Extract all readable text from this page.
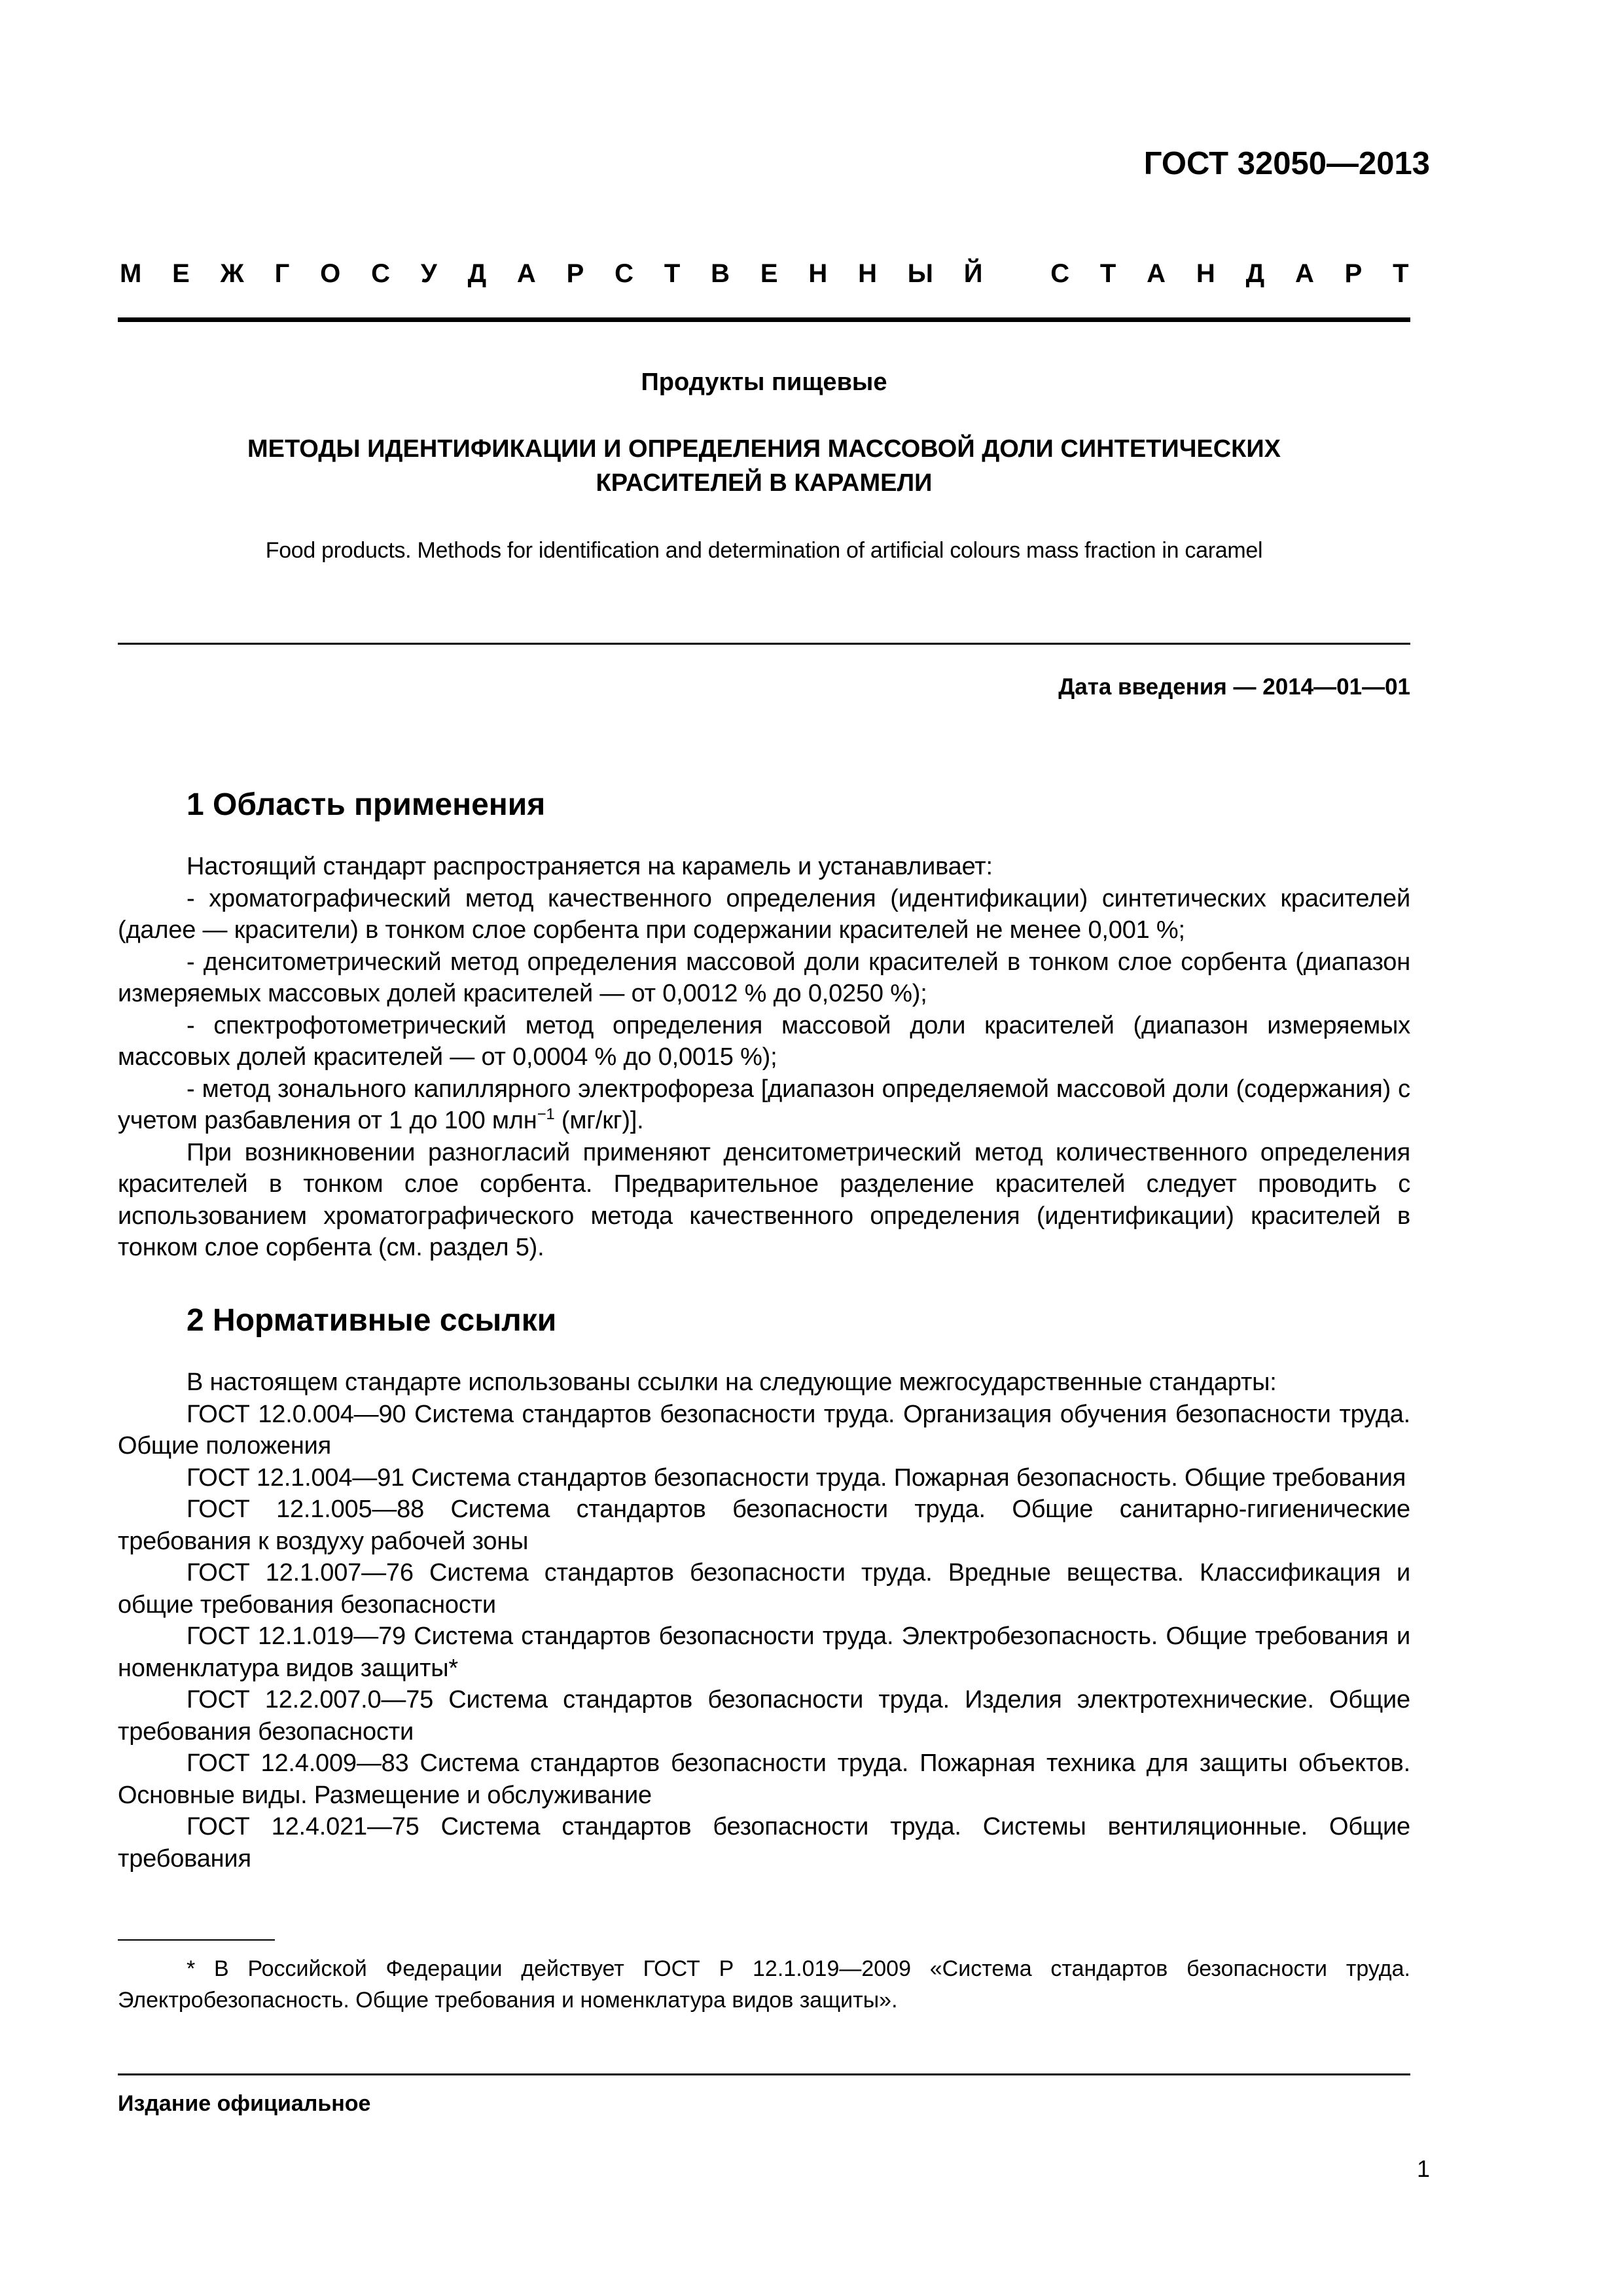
ГОСТ 32050—2013
М Е Ж Г О С У Д А Р С Т В Е Н Н Ы Й	С Т А Н Д А Р Т
Продукты пищевые
МЕТОДЫ ИДЕНТИФИКАЦИИ И ОПРЕДЕЛЕНИЯ МАССОВОЙ ДОЛИ СИНТЕТИЧЕСКИХ
КРАСИТЕЛЕЙ В КАРАМЕЛИ
Food products. Methods for identification and determination of artificial colours mass fraction in caramel
Дата введения — 2014—01—01
1 Область применения

Настоящий стандарт распространяется на карамель и устанавливает:

- хроматографический метод качественного определения (идентификации) синтетических красителей (далее — красители) в тонком слое сорбента при содержании красителей не менее 0,001 %;

- денситометрический метод определения массовой доли красителей в тонком слое сорбента (диапазон измеряемых массовых долей красителей — от 0,0012 % до 0,0250 %);

- спектрофотометрический метод определения массовой доли красителей (диапазон измеряемых массовых долей красителей — от 0,0004 % до 0,0015 %);

- метод зонального капиллярного электрофореза [диапазон определяемой массовой доли (содержания) с учетом разбавления от 1 до 100 млн$^{-1}$ (мг/кг)].

При возникновении разногласий применяют денситометрический метод количественного определения красителей в тонком слое сорбента. Предварительное разделение красителей следует проводить с использованием хроматографического метода качественного определения (идентификации) красителей в тонком слое сорбента (см. раздел 5).

2 Нормативные ссылки

В настоящем стандарте использованы ссылки на следующие межгосударственные стандарты:

ГОСТ 12.0.004—90 Система стандартов безопасности труда. Организация обучения безопасности труда. Общие положения

ГОСТ 12.1.004—91 Система стандартов безопасности труда. Пожарная безопасность. Общие требования

ГОСТ 12.1.005—88 Система стандартов безопасности труда. Общие санитарно-гигиенические требования к воздуху рабочей зоны

ГОСТ 12.1.007—76 Система стандартов безопасности труда. Вредные вещества. Классификация и общие требования безопасности

ГОСТ 12.1.019—79 Система стандартов безопасности труда. Электробезопасность. Общие требования и номенклатура видов защиты*

ГОСТ 12.2.007.0—75 Система стандартов безопасности труда. Изделия электротехнические. Общие требования безопасности

ГОСТ 12.4.009—83 Система стандартов безопасности труда. Пожарная техника для защиты объектов. Основные виды. Размещение и обслуживание

ГОСТ 12.4.021—75 Система стандартов безопасности труда. Системы вентиляционные. Общие требования

* В Российской Федерации действует ГОСТ Р 12.1.019—2009 «Система стандартов безопасности труда. Электробезопасность. Общие требования и номенклатура видов защиты».

Издание официальное
1
